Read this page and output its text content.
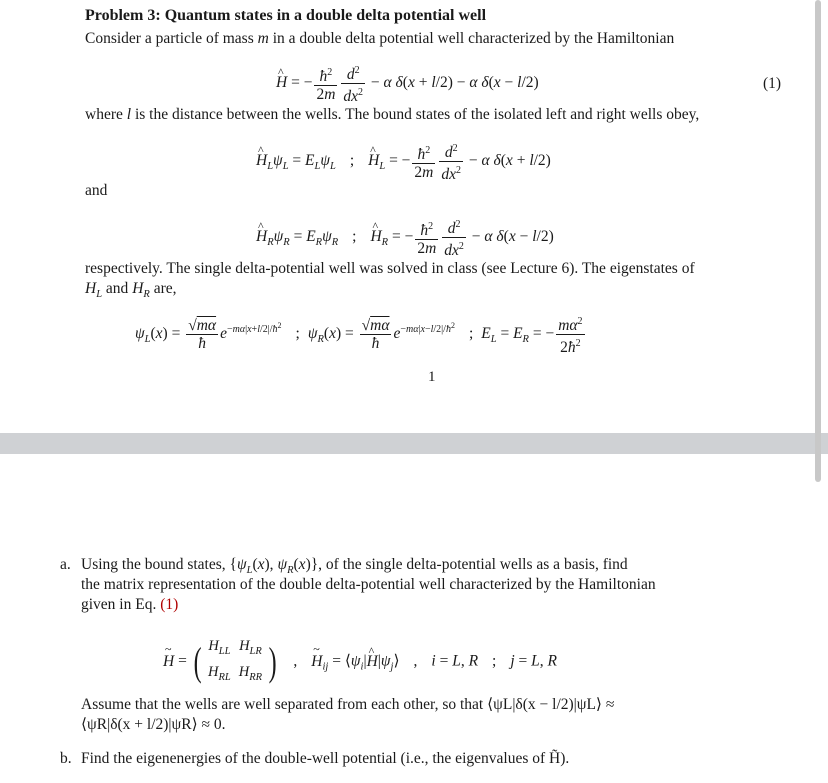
Problem 3: Quantum states in a double delta potential well
Consider a particle of mass m in a double delta potential well characterized by the Hamiltonian
^ H = − $\frac{ħ^2}{2m} \frac{d^2}{dx^2} - \alpha$ δ(x + l/2) − α δ(x − l/2)	(1)
where l is the distance between the wells. The bound states of the isolated left and right wells obey,
^ $H_L\psi_L = E_L\psi_L$ ; ^ $H_L$ = − $\frac{ħ^2}{2m} \frac{d^2}{dx^2} - \alpha$ δ(x + l/2)
and
^ $H_R\psi_R = E_R\psi_R$ ; ^ $H_R$ = − $\frac{ħ^2}{2m} \frac{d^2}{dx^2} - \alpha$ δ(x − l/2)
respectively. The single delta-potential well was solved in class (see Lecture 6). The eigenstates of
$H_L$ and $H_R$ are,
$\psi_L(x) = \frac{√m\alpha}{ħ} e^{-m\alpha|x+l/2|/ħ^2}$ ; $\psi_R(x) = \frac{√m\alpha}{ħ} e^{-m\alpha|x-l/2|/ħ^2}$ ; $E_L = E_R$ = − $\frac{m\alpha^2}{2ħ^2}$
1
a. Using the bound states, {$\psi_L(x)$, $\psi_R(x)$}, of the single delta-potential wells as a basis, find
the matrix representation of the double delta-potential well characterized by the Hamiltonian
given in Eq. (1)
~ H = ( $H_{LL}$	$H_{LR}$
$H_{RL}$	$H_{RR}$ ) , ~ $H_{ij}$ = $⟨\psi_i|\^{}$ $H|\psi_j⟩$ , i = L, R ; j = L, R
Assume that the wells are well separated from each other, so that ⟨ψL|δ(x − l/2)|ψL⟩ ≈
⟨ψR|δ(x + l/2)|ψR⟩ ≈ 0.
b. Find the eigenenergies of the double-well potential (i.e., the eigenvalues of H̃).
